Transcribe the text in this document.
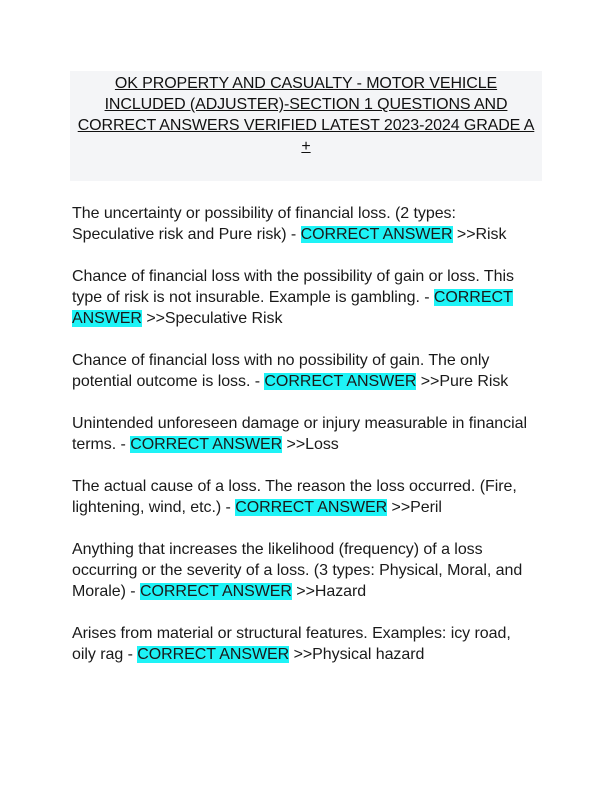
OK PROPERTY AND CASUALTY - MOTOR VEHICLE
INCLUDED (ADJUSTER)-SECTION 1 QUESTIONS AND
CORRECT ANSWERS VERIFIED LATEST 2023-2024 GRADE A
+

The uncertainty or possibility of financial loss. (2 types:
Speculative risk and Pure risk) - CORRECT ANSWER >>Risk

Chance of financial loss with the possibility of gain or loss. This
type of risk is not insurable. Example is gambling. - CORRECT
ANSWER >>Speculative Risk

Chance of financial loss with no possibility of gain. The only
potential outcome is loss. - CORRECT ANSWER >>Pure Risk

Unintended unforeseen damage or injury measurable in financial
terms. - CORRECT ANSWER >>Loss

The actual cause of a loss. The reason the loss occurred. (Fire,
lightening, wind, etc.) - CORRECT ANSWER >>Peril

Anything that increases the likelihood (frequency) of a loss
occurring or the severity of a loss. (3 types: Physical, Moral, and
Morale) - CORRECT ANSWER >>Hazard

Arises from material or structural features. Examples: icy road,
oily rag - CORRECT ANSWER >>Physical hazard
